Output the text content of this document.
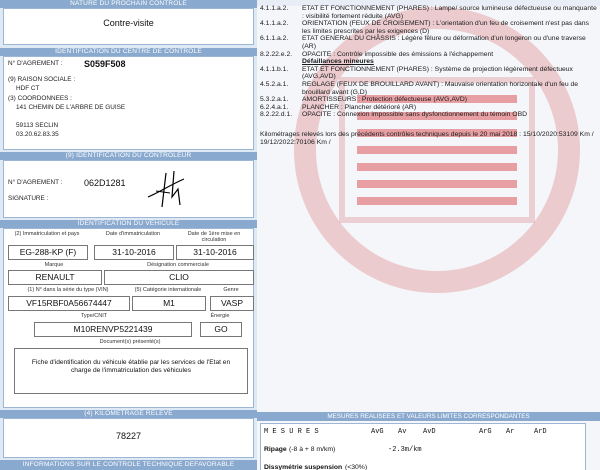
NATURE DU PROCHAIN CONTROLE
Contre-visite
IDENTIFICATION DU CENTRE DE CONTROLE
N° D'AGREMENT : S059F508
(9) RAISON SOCIALE :
HDF CT
(3) COORDONNEES :
141 CHEMIN DE L'ARBRE DE GUISE
59113 SECLIN
03.20.62.83.35
(9) IDENTIFICATION DU CONTROLEUR
N° D'AGREMENT : 062D1281
SIGNATURE :
IDENTIFICATION DU VEHICULE
(2) Immatriculation et pays	Date d'immatriculation	Date de 1ère mise en circulation
EG-288-KP (F)	31-10-2016	31-10-2016
Marque	Désignation commerciale
RENAULT	CLIO
(1) N° dans la série du type (VIN)	(5) Catégorie internationale	Genre
VF15RBF0A56674447	M1	VASP
Type/CNIT	Énergie
M10RENVP5221439	GO
Document(s) présenté(s)
Fiche d'identification du véhicule établie par les services de l'Etat en charge de l'immatriculation des véhicules
(4) KILOMETRAGE RELEVE
78227
INFORMATIONS SUR LE CONTROLE TECHNIQUE DEFAVORABLE
4.1.1.a.2.	ETAT ET FONCTIONNEMENT (PHARES) : Lampe/ source lumineuse défectueuse ou manquante : visibilité fortement réduite (AVG)
4.1.1.a.2.	ORIENTATION (FEUX DE CROISEMENT) : L'orientation d'un feu de croisement n'est pas dans les limites prescrites par les exigences (D)
6.1.1.a.2.	ETAT GENERAL DU CHÂSSIS : Légère fêlure ou déformation d'un longeron ou d'une traverse (AR)
8.2.22.e.2.	OPACITE : Contrôle impossible des émissions à l'échappement
Défaillances mineures
4.1.1.b.1.	ETAT ET FONCTIONNEMENT (PHARES) : Système de projection légèrement défectueux (AVG,AVD)
4.5.2.a.1.	REGLAGE (FEUX DE BROUILLARD AVANT) : Mauvaise orientation horizontale d'un feu de brouillard avant (G,D)
5.3.2.a.1.	AMORTISSEURS : Protection défectueuse (AVG,AVD)
6.2.4.a.1.	PLANCHER : Plancher détérioré (AR)
8.2.22.d.1.	OPACITE : Connexion impossible sans dysfonctionnement du témoin OBD
Kilométrages relevés lors des précédents contrôles techniques depuis le 20 mai 2018 : 15/10/2020:53109 Km / 19/12/2022:70106 Km /
MESURES REALISEES ET VALEURS LIMITES CORRESPONDANTES
M E S U R E S	AvG Av AvD	ArG Ar	ArD
Ripage (-8 à + 8 m/km)	-2.3m/km
Dissymétrie suspension (<30%)
